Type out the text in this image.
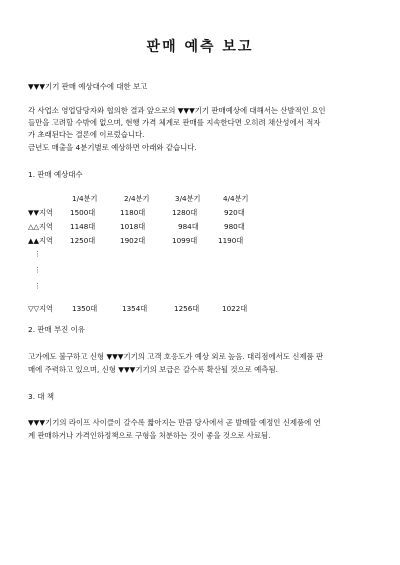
판매 예측 보고
▼▼▼기기 판매 예상대수에 대한 보고
각 사업소 영업담당자와 협의한 결과 앞으로의 ▼▼▼기기 판매예상에 대해서는 산발적인 요인
들만을 고려할 수밖에 없으며, 현행 가격 체계로 판매를 지속한다면 오히려 채산성에서 적자
가 초래된다는 결론에 이르렀습니다.
금년도 매출을 4분기별로 예상하면 아래와 같습니다.
1. 판매 예상대수
1/4분기	2/4분기	3/4분기	4/4분기
▼▼지역 1500대	1180대	1280대	920대
△△지역 1148대	1018대	984대	980대
▲▲지역 1250대	1902대	1099대	1190대
▽▽지역	1350대	1354대	1256대	1022대
⋮
⋮
⋮
2. 판매 부진 이유
고가에도 불구하고 신형 ▼▼▼기기의 고객 호응도가 예상 외로 높음. 대리점에서도 신제품 판
매에 주력하고 있으며, 신형 ▼▼▼기기의 보급은 갈수록 확산될 것으로 예측됨.
3. 대 책
▼▼▼기기의 라이프 사이클이 갈수록 짧아지는 만큼 당사에서 곧 발매할 예정인 신제품에 연
계 판매하거나 가격인하정책으로 구형을 처분하는 것이 좋을 것으로 사료됨.
